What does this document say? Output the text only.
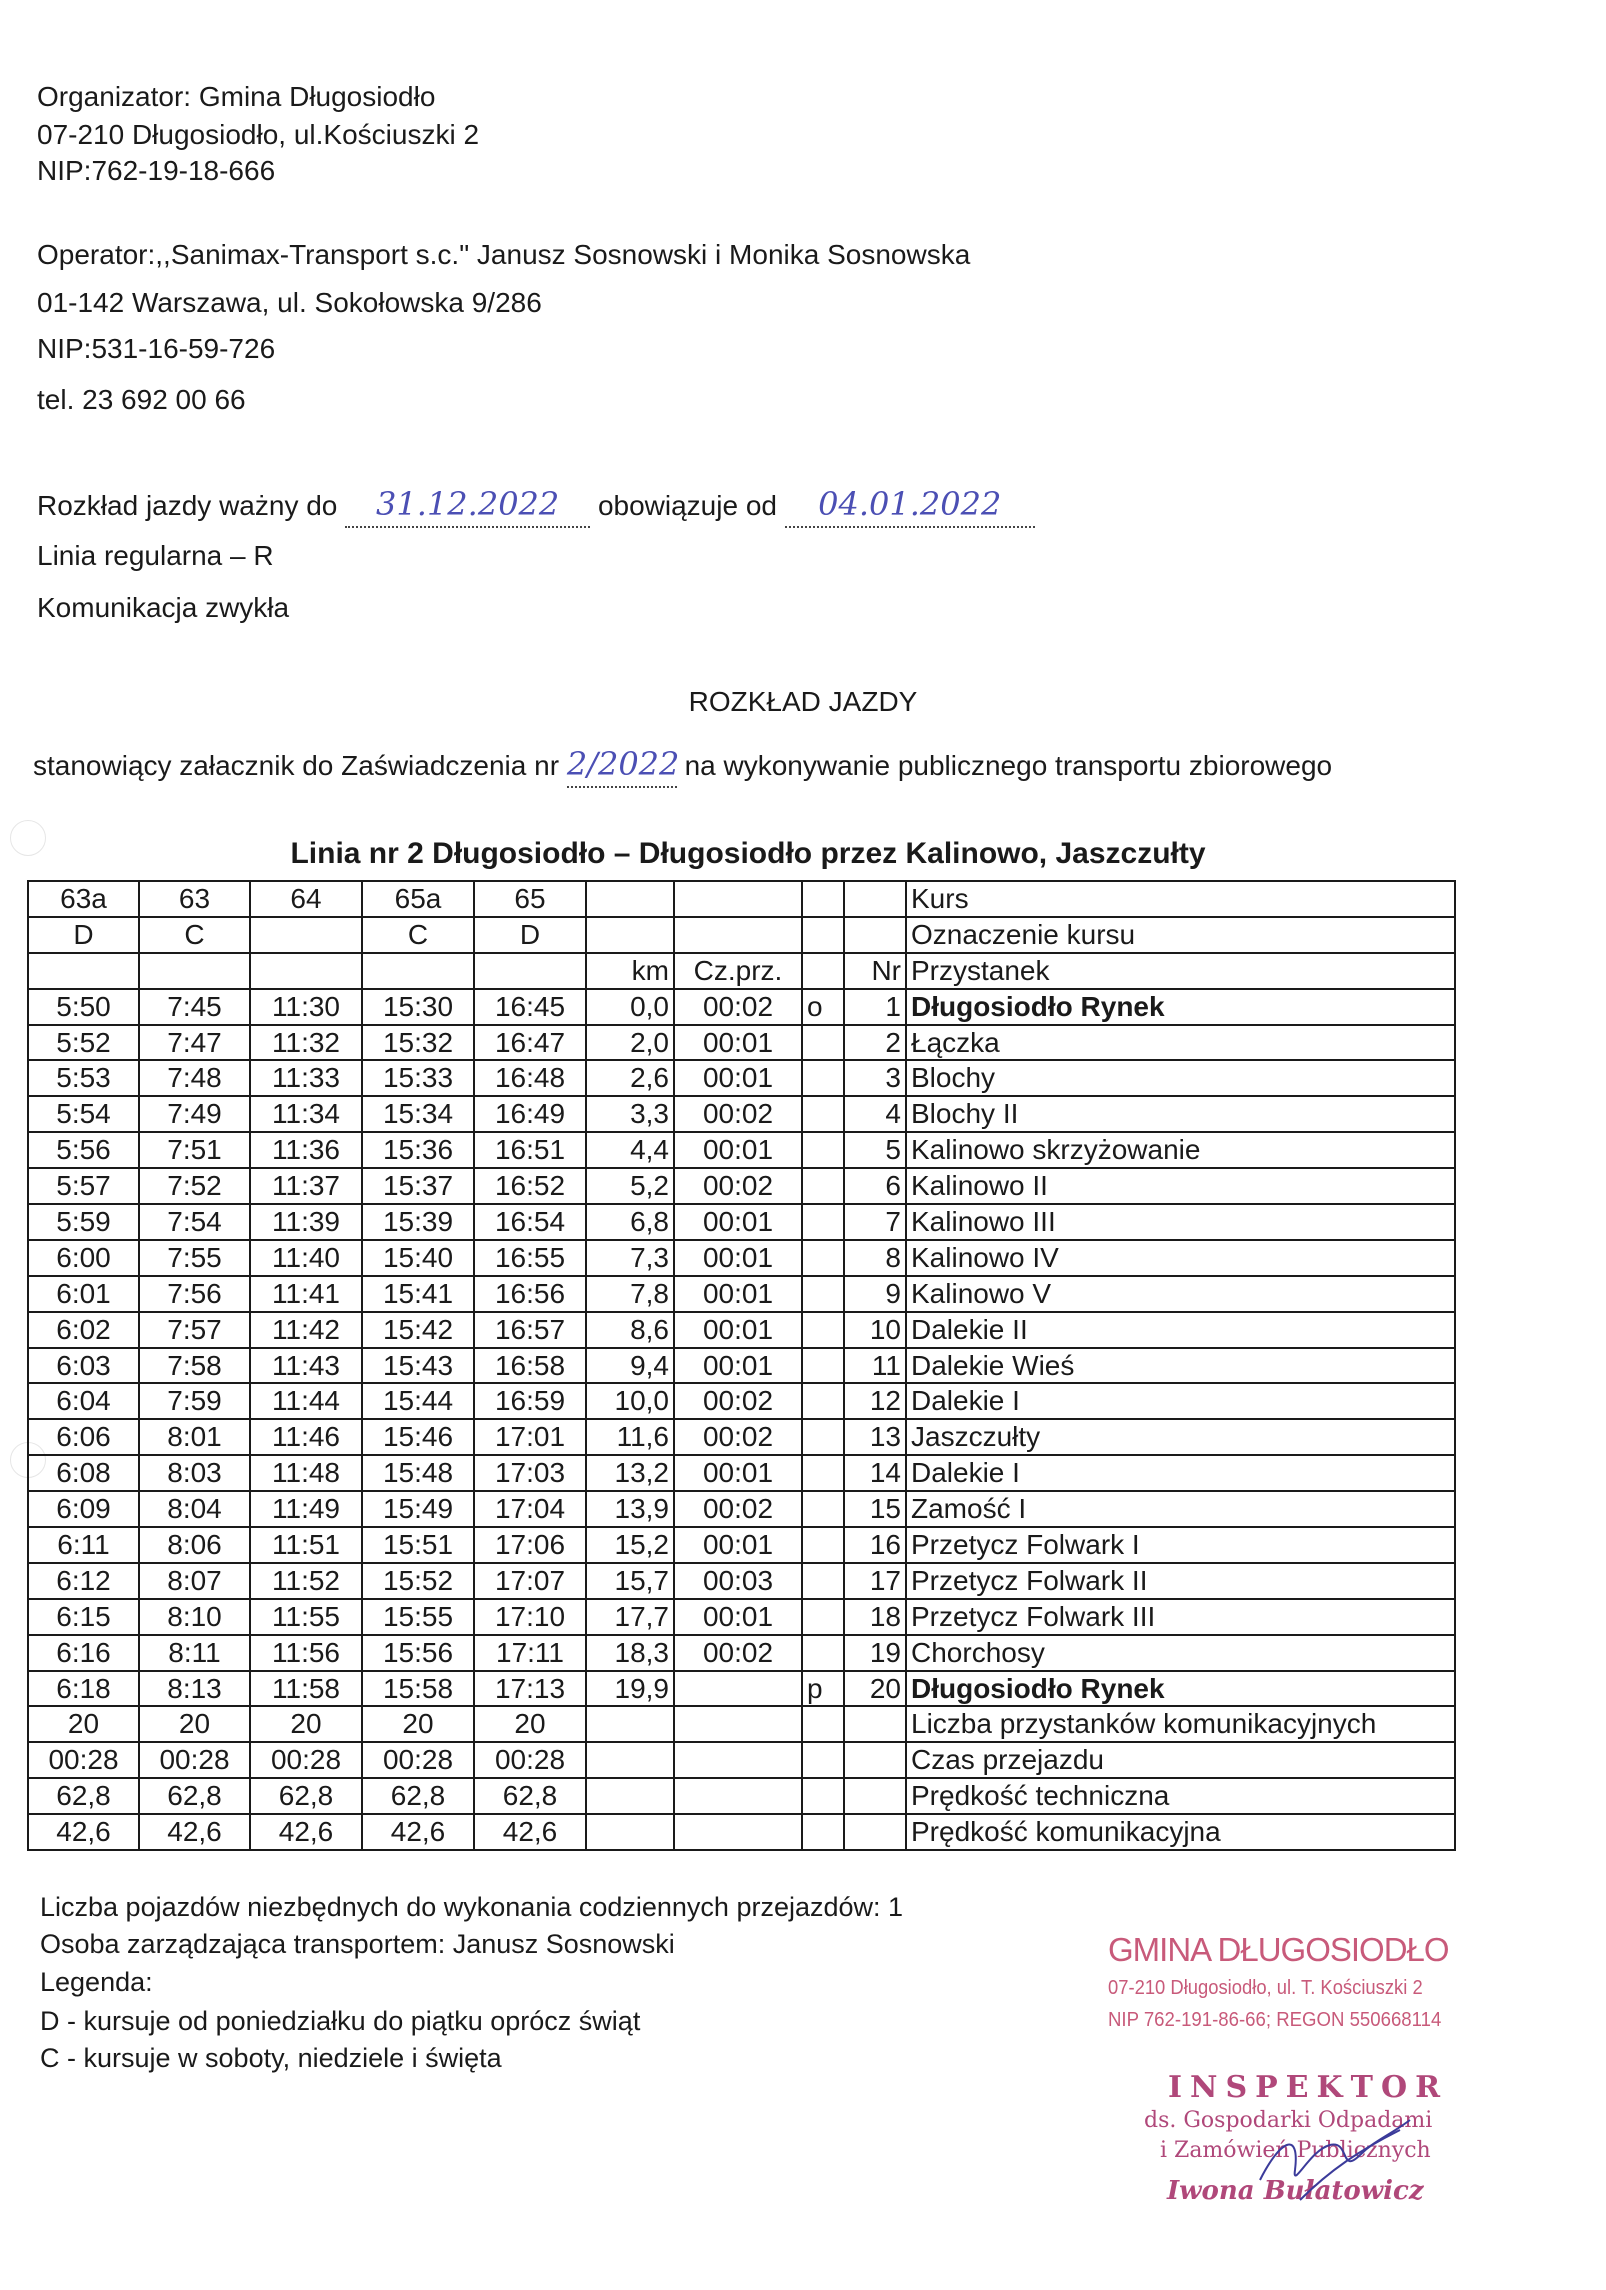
Organizator: Gmina Długosiodło
07-210 Długosiodło, ul.Kościuszki 2
NIP:762-19-18-666
Operator:,,Sanimax-Transport s.c." Janusz Sosnowski i Monika Sosnowska
01-142 Warszawa, ul. Sokołowska 9/286
NIP:531-16-59-726
tel. 23 692 00 66
Rozkład jazdy ważny do 31.12.2022 obowiązuje od 04.01.2022
Linia regularna – R
Komunikacja zwykła
ROZKŁAD JAZDY
stanowiący załacznik do Zaświadczenia nr 2/2022 na wykonywanie publicznego transportu zbiorowego
Linia nr 2 Długosiodło – Długosiodło przez Kalinowo, Jaszczułty
63a	63	64	65a	65					Kurs
D	C		C	D					Oznaczenie kursu
					km	Cz.prz.		Nr	Przystanek
5:50	7:45	11:30	15:30	16:45	0,0	00:02	o	1	Długosiodło Rynek
5:52	7:47	11:32	15:32	16:47	2,0	00:01		2	Łączka
5:53	7:48	11:33	15:33	16:48	2,6	00:01		3	Blochy
5:54	7:49	11:34	15:34	16:49	3,3	00:02		4	Blochy II
5:56	7:51	11:36	15:36	16:51	4,4	00:01		5	Kalinowo skrzyżowanie
5:57	7:52	11:37	15:37	16:52	5,2	00:02		6	Kalinowo II
5:59	7:54	11:39	15:39	16:54	6,8	00:01		7	Kalinowo III
6:00	7:55	11:40	15:40	16:55	7,3	00:01		8	Kalinowo IV
6:01	7:56	11:41	15:41	16:56	7,8	00:01		9	Kalinowo V
6:02	7:57	11:42	15:42	16:57	8,6	00:01		10	Dalekie II
6:03	7:58	11:43	15:43	16:58	9,4	00:01		11	Dalekie Wieś
6:04	7:59	11:44	15:44	16:59	10,0	00:02		12	Dalekie I
6:06	8:01	11:46	15:46	17:01	11,6	00:02		13	Jaszczułty
6:08	8:03	11:48	15:48	17:03	13,2	00:01		14	Dalekie I
6:09	8:04	11:49	15:49	17:04	13,9	00:02		15	Zamość I
6:11	8:06	11:51	15:51	17:06	15,2	00:01		16	Przetycz Folwark I
6:12	8:07	11:52	15:52	17:07	15,7	00:03		17	Przetycz Folwark II
6:15	8:10	11:55	15:55	17:10	17,7	00:01		18	Przetycz Folwark III
6:16	8:11	11:56	15:56	17:11	18,3	00:02		19	Chorchosy
6:18	8:13	11:58	15:58	17:13	19,9		p	20	Długosiodło Rynek
20	20	20	20	20					Liczba przystanków komunikacyjnych
00:28	00:28	00:28	00:28	00:28					Czas przejazdu
62,8	62,8	62,8	62,8	62,8					Prędkość techniczna
42,6	42,6	42,6	42,6	42,6					Prędkość komunikacyjna
Liczba pojazdów niezbędnych do wykonania codziennych przejazdów: 1
Osoba zarządzająca transportem: Janusz Sosnowski
Legenda:
D - kursuje od poniedziałku do piątku oprócz świąt
C - kursuje w soboty, niedziele i święta
GMINA DŁUGOSIODŁO
07-210 Długosiodło, ul. T. Kościuszki 2
NIP 762-191-86-66; REGON 550668114
INSPEKTOR
ds. Gospodarki Odpadami
i Zamówień Publicznych
Iwona Bułatowicz
